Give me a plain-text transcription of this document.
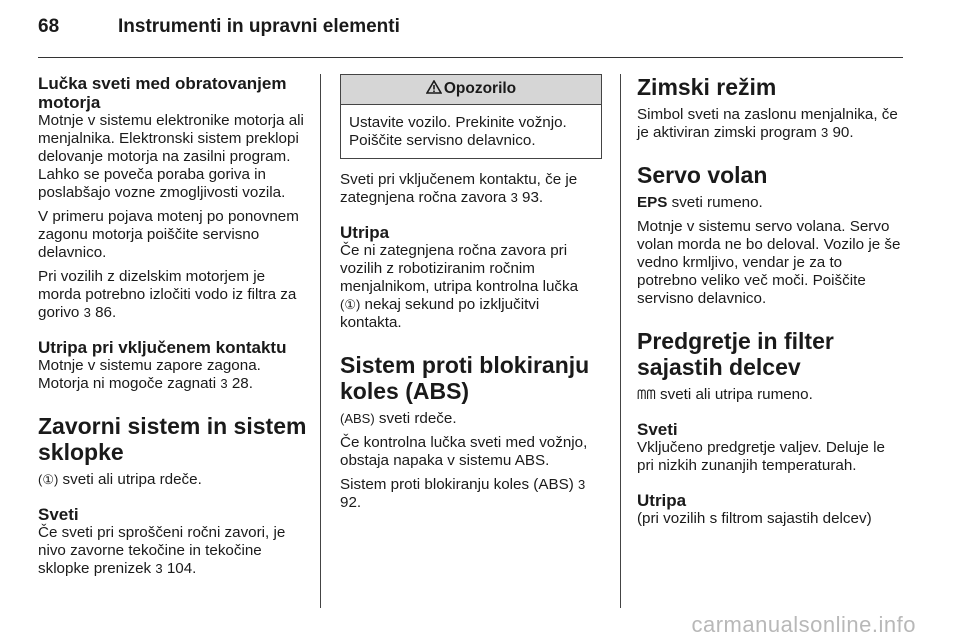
68	Instrumenti in upravni elementi
Lučka sveti med obratovanjem motorja

Motnje v sistemu elektronike motorja ali menjalnika. Elektronski sistem preklopi delovanje motorja na zasilni program. Lahko se poveča poraba goriva in poslabšajo vozne zmogljivosti vozila.

V primeru pojava motenj po ponovnem zagonu motorja poiščite servisno delavnico.

Pri vozilih z dizelskim motorjem je morda potrebno izločiti vodo iz filtra za gorivo 3 86.

Utripa pri vključenem kontaktu

Motnje v sistemu zapore zagona. Motorja ni mogoče zagnati 3 28.

Zavorni sistem in sistem sklopke

(①) sveti ali utripa rdeče.

Sveti

Če sveti pri sproščeni ročni zavori, je nivo zavorne tekočine in tekočine sklopke prenizek 3 104.

Opozorilo

Ustavite vozilo. Prekinite vožnjo. Poiščite servisno delavnico.

Sveti pri vključenem kontaktu, če je zategnjena ročna zavora 3 93.

Utripa

Če ni zategnjena ročna zavora pri vozilih z robotiziranim ročnim menjalnikom, utripa kontrolna lučka (①) nekaj sekund po izključitvi kontakta.

Sistem proti blokiranju koles (ABS)

(ABS) sveti rdeče.

Če kontrolna lučka sveti med vožnjo, obstaja napaka v sistemu ABS.

Sistem proti blokiranju koles (ABS) 3 92.

Zimski režim

Simbol sveti na zaslonu menjalnika, če je aktiviran zimski program 3 90.

Servo volan

EPS sveti rumeno.

Motnje v sistemu servo volana. Servo volan morda ne bo deloval. Vozilo je še vedno krmljivo, vendar je za to potrebno veliko več moči. Poiščite servisno delavnico.

Predgretje in filter sajastih delcev

ᗰᗰ sveti ali utripa rumeno.

Sveti

Vključeno predgretje valjev. Deluje le pri nizkih zunanjih temperaturah.

Utripa

(pri vozilih s filtrom sajastih delcev)

carmanualsonline.info
